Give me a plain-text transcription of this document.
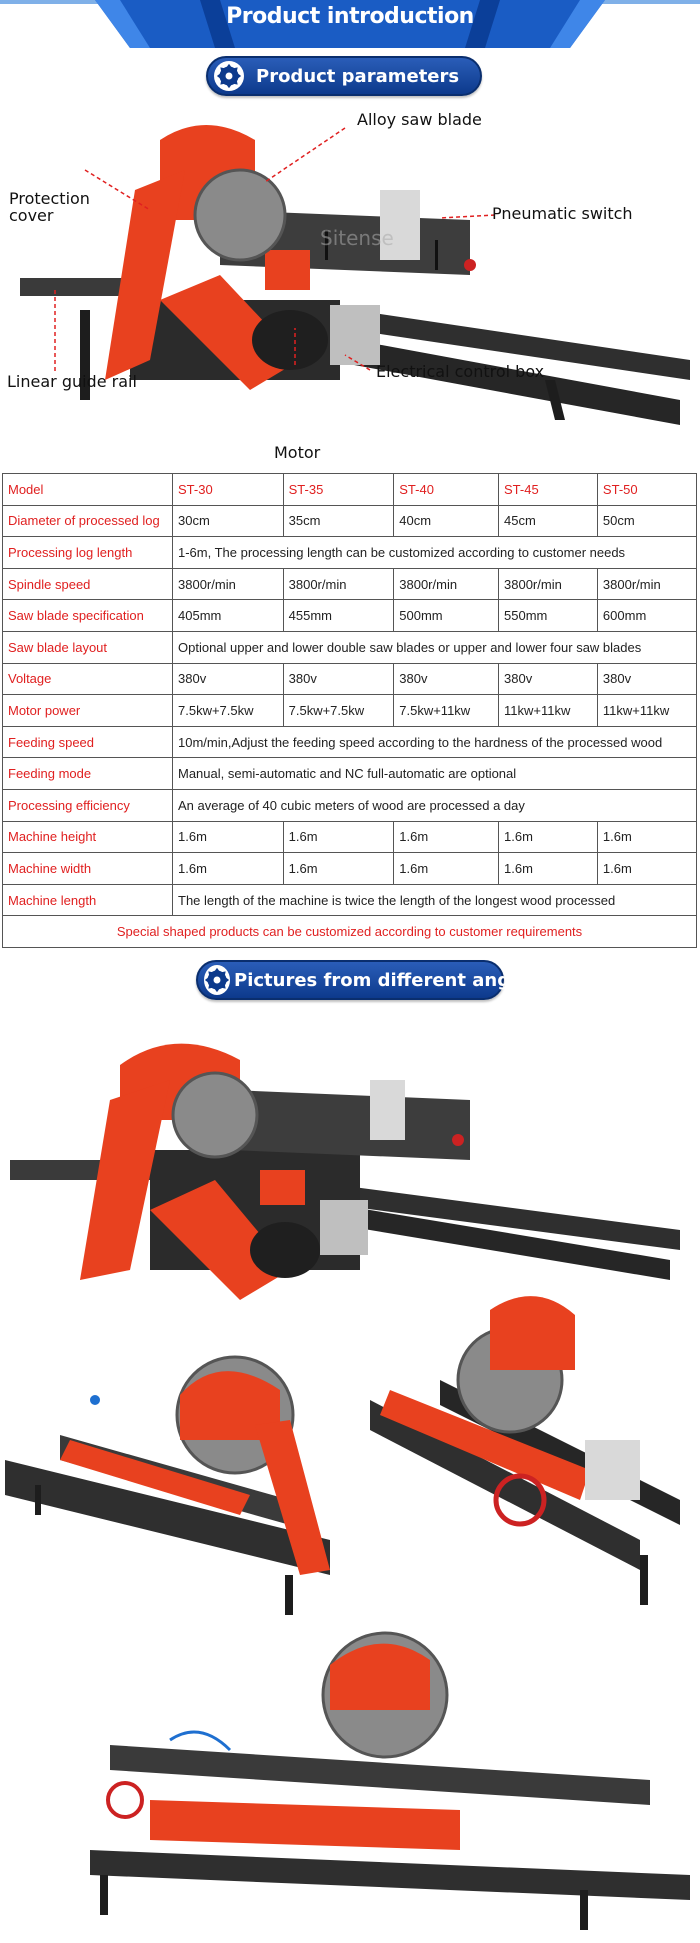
Product introduction
Product parameters
Sitense
Alloy saw blade
Protection
cover	Pneumatic switch
Linear guide rail
Electrical control box
Motor
Model	ST-30	ST-35	ST-40	ST-45	ST-50
Diameter of processed log	30cm	35cm	40cm	45cm	50cm
Processing log length	1-6m, The processing length can be customized according to customer needs				
Spindle speed	3800r/min	3800r/min	3800r/min	3800r/min	3800r/min
Saw blade specification	405mm	455mm	500mm	550mm	600mm
Saw blade layout	Optional upper and lower double saw blades or upper and lower four saw blades				
Voltage	380v	380v	380v	380v	380v
Motor power	7.5kw+7.5kw	7.5kw+7.5kw	7.5kw+11kw	11kw+11kw	11kw+11kw
Feeding speed	10m/min,Adjust the feeding speed according to the hardness of the processed wood				
Feeding mode	Manual, semi-automatic and NC full-automatic are optional				
Processing efficiency	An average of 40 cubic meters of wood are processed a day				
Machine height	1.6m	1.6m	1.6m	1.6m	1.6m
Machine width	1.6m	1.6m	1.6m	1.6m	1.6m
Machine length	The length of the machine is twice the length of the longest wood processed				
Special shaped products can be customized according to customer requirements					
Pictures from different angles
